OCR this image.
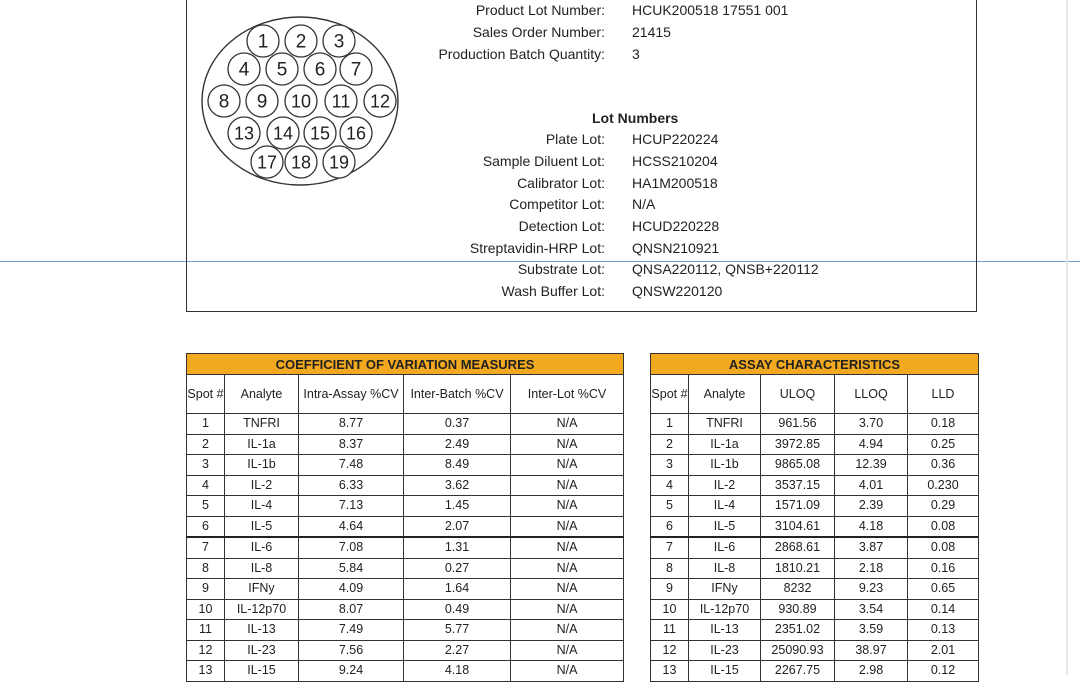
1 2 3
4 5 6 7
8 9 10 11 12
13 14 15 16
17 18 19
Lot Numbers
Product Lot Number: HCUK200518 17551 001
Sales Order Number: 21415
Production Batch Quantity: 3
Plate Lot: HCUP220224
Sample Diluent Lot: HCSS210204
Calibrator Lot: HA1M200518
Competitor Lot: N/A
Detection Lot: HCUD220228
Streptavidin-HRP Lot: QNSN210921
Substrate Lot: QNSA220112, QNSB+220112
Wash Buffer Lot: QNSW220120
COEFFICIENT OF VARIATION MEASURES				
Spot #	Analyte	Intra-Assay %CV	Inter-Batch %CV	Inter-Lot %CV
1	TNFRI	8.77	0.37	N/A
2	IL-1a	8.37	2.49	N/A
3	IL-1b	7.48	8.49	N/A
4	IL-2	6.33	3.62	N/A
5	IL-4	7.13	1.45	N/A
6	IL-5	4.64	2.07	N/A
7	IL-6	7.08	1.31	N/A
8	IL-8	5.84	0.27	N/A
9	IFNy	4.09	1.64	N/A
10	IL-12p70	8.07	0.49	N/A
11	IL-13	7.49	5.77	N/A
12	IL-23	7.56	2.27	N/A
13	IL-15	9.24	4.18	N/A
ASSAY CHARACTERISTICS				
Spot #	Analyte	ULOQ	LLOQ	LLD
1	TNFRI	961.56	3.70	0.18
2	IL-1a	3972.85	4.94	0.25
3	IL-1b	9865.08	12.39	0.36
4	IL-2	3537.15	4.01	0.230
5	IL-4	1571.09	2.39	0.29
6	IL-5	3104.61	4.18	0.08
7	IL-6	2868.61	3.87	0.08
8	IL-8	1810.21	2.18	0.16
9	IFNy	8232	9.23	0.65
10	IL-12p70	930.89	3.54	0.14
11	IL-13	2351.02	3.59	0.13
12	IL-23	25090.93	38.97	2.01
13	IL-15	2267.75	2.98	0.12
